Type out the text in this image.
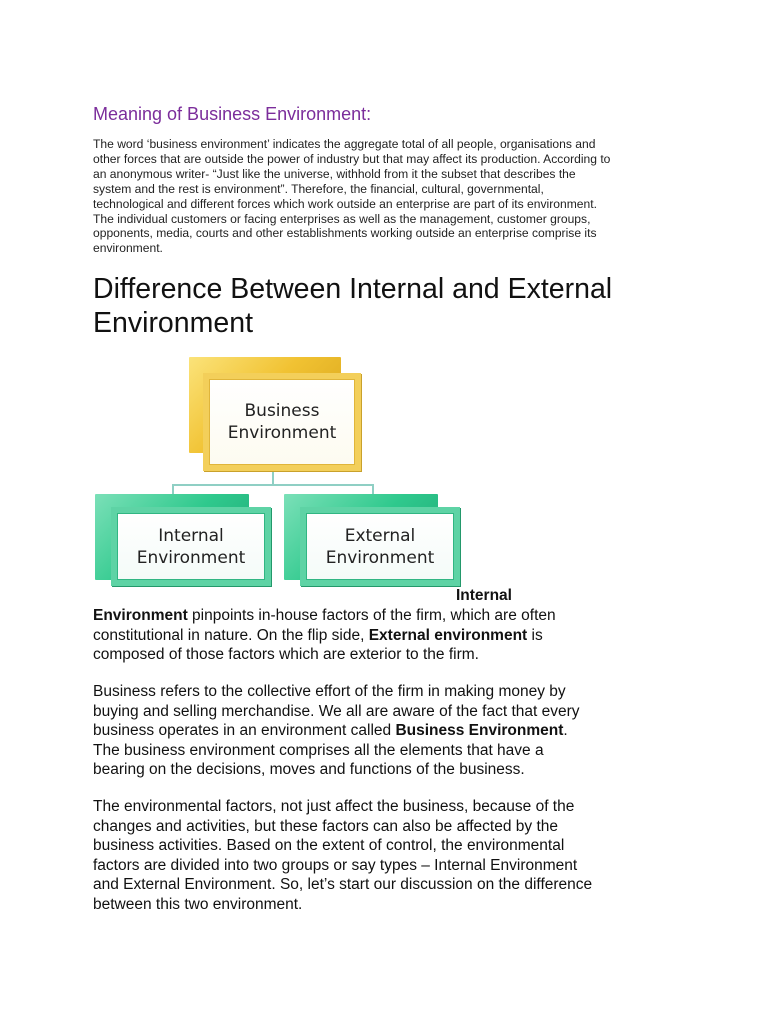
Meaning of Business Environment:

The word ‘business environment’ indicates the aggregate total of all people, organisations and
other forces that are outside the power of industry but that may affect its production. According to
an anonymous writer- “Just like the universe, withhold from it the subset that describes the
system and the rest is environment”. Therefore, the financial, cultural, governmental,
technological and different forces which work outside an enterprise are part of its environment.
The individual customers or facing enterprises as well as the management, customer groups,
opponents, media, courts and other establishments working outside an enterprise comprise its
environment.

Difference Between Internal and External
Environment
Business
Environment
Internal
Environment
External
Environment
Internal

Environment pinpoints in-house factors of the firm, which are often
constitutional in nature. On the flip side, External environment is
composed of those factors which are exterior to the firm.

Business refers to the collective effort of the firm in making money by
buying and selling merchandise. We all are aware of the fact that every
business operates in an environment called Business Environment.
The business environment comprises all the elements that have a
bearing on the decisions, moves and functions of the business.

The environmental factors, not just affect the business, because of the
changes and activities, but these factors can also be affected by the
business activities. Based on the extent of control, the environmental
factors are divided into two groups or say types – Internal Environment
and External Environment. So, let’s start our discussion on the difference
between this two environment.
